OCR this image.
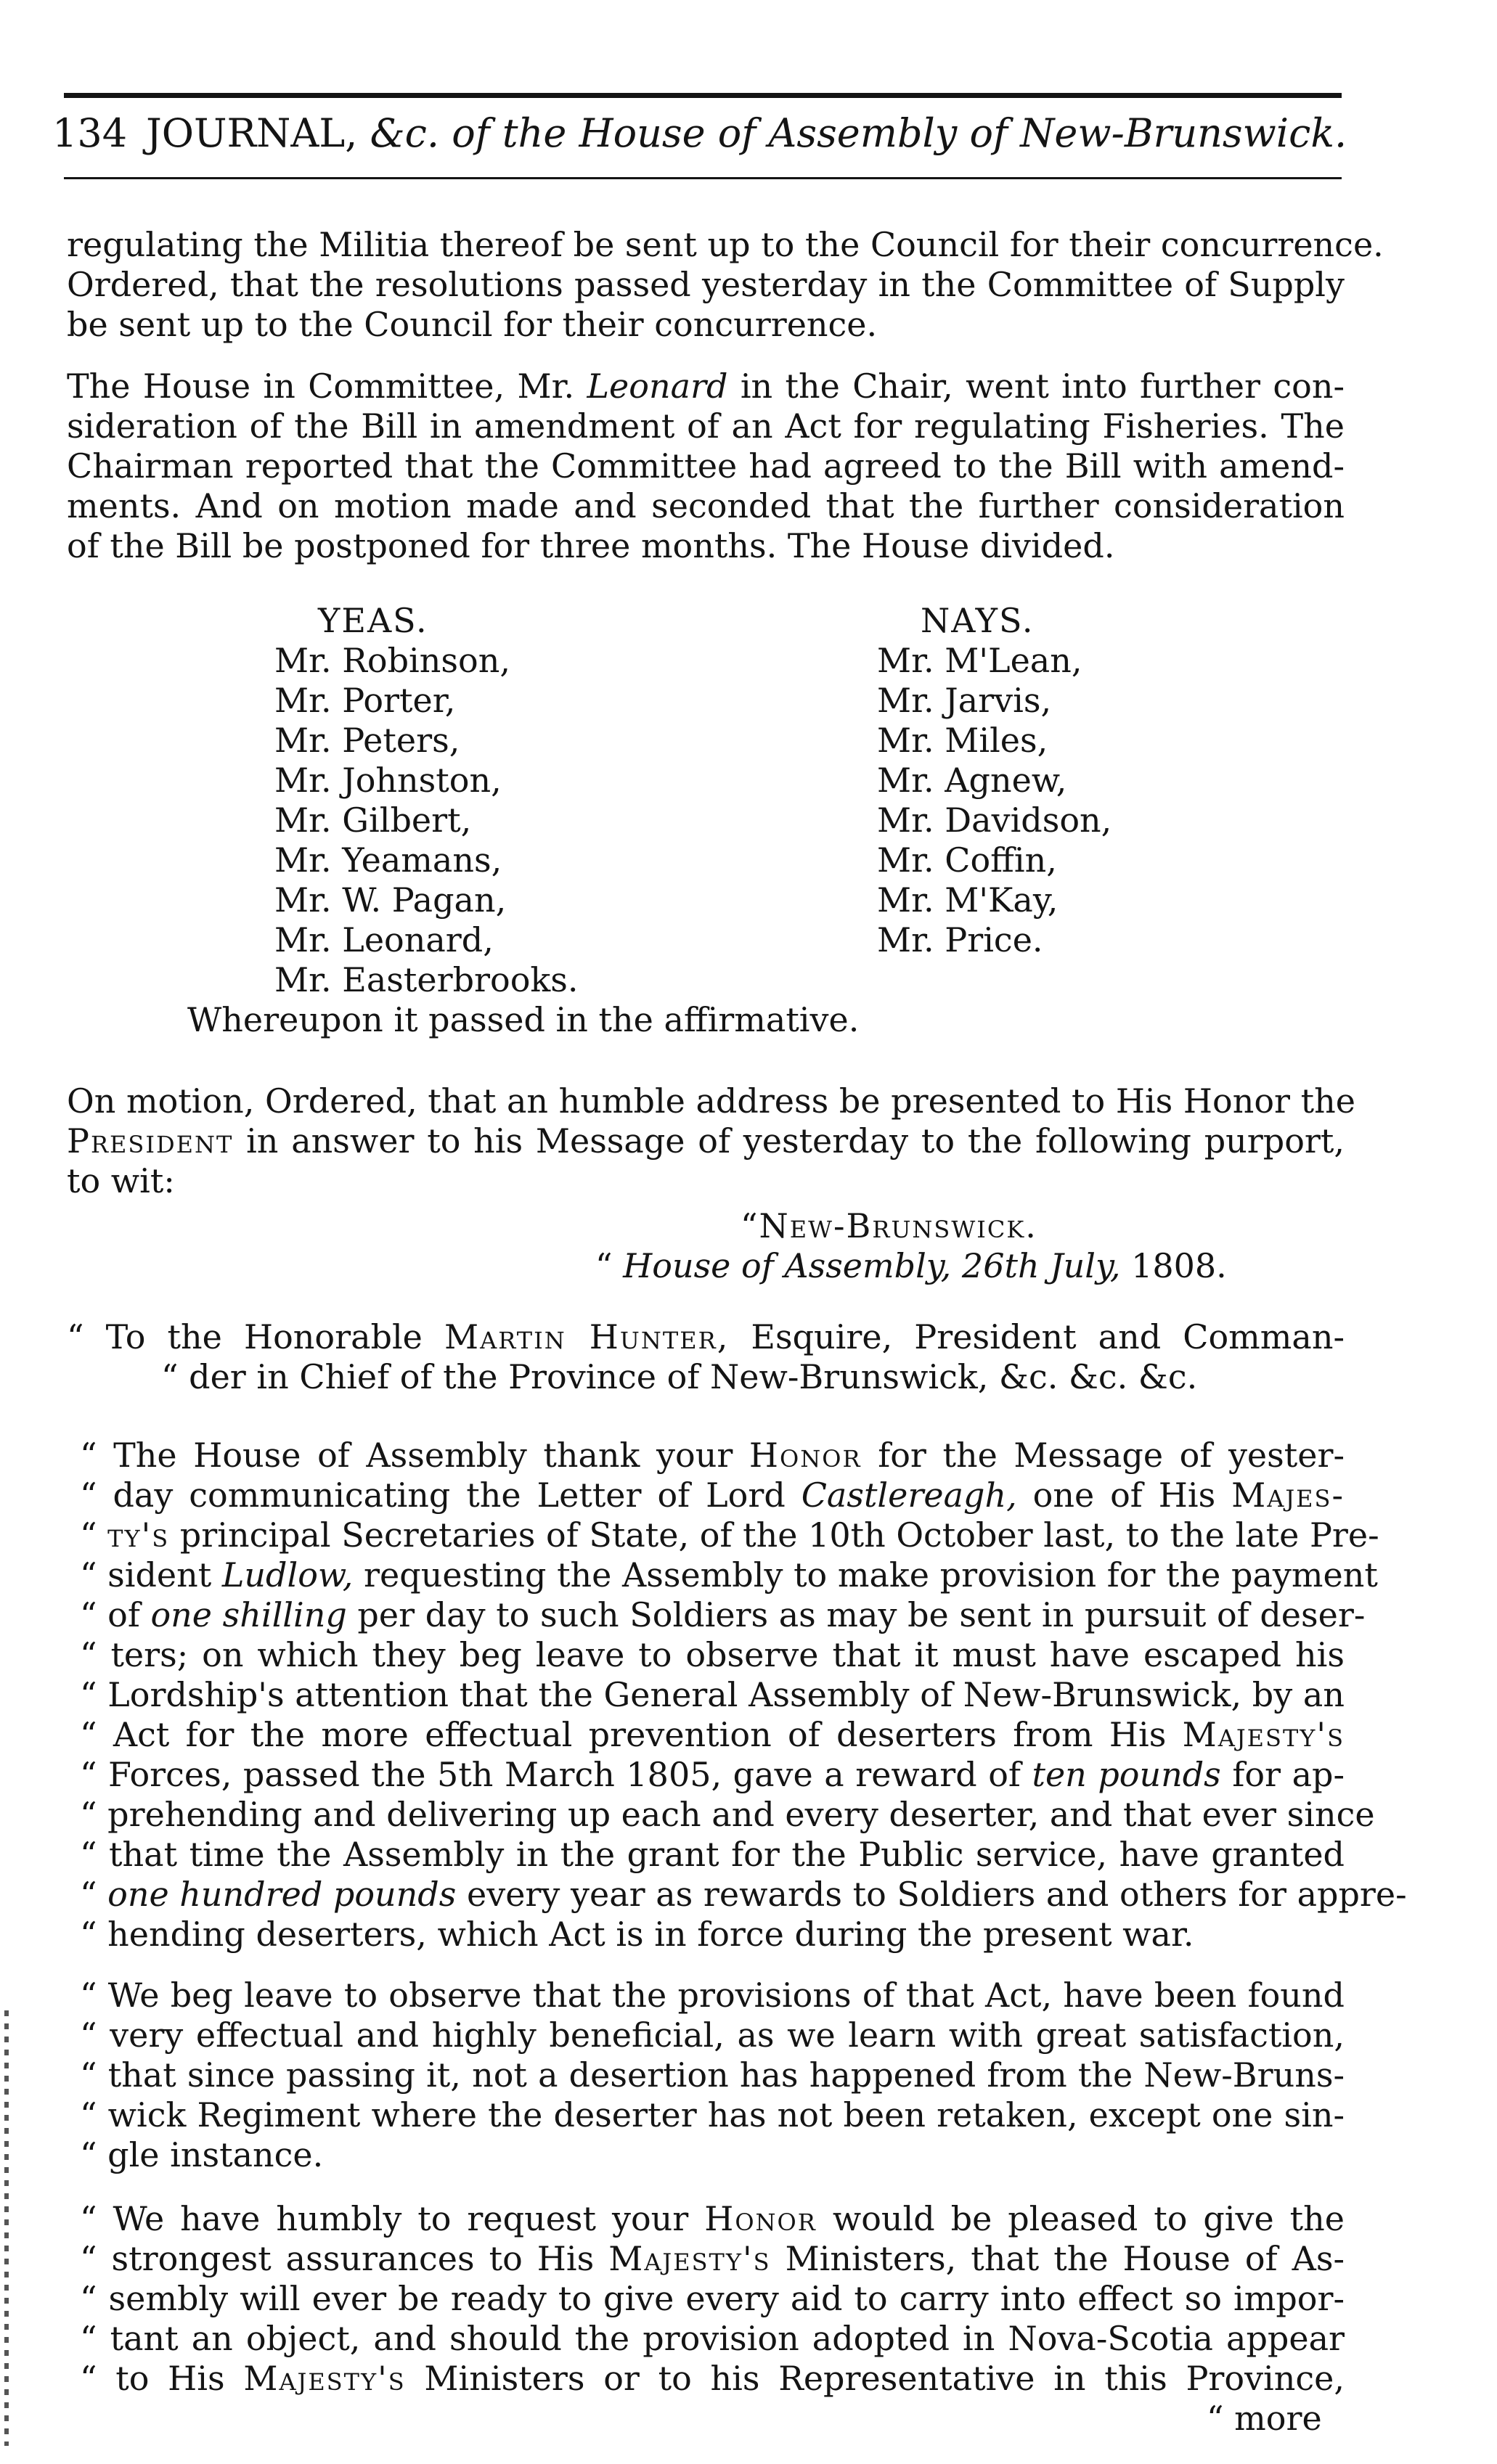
134 JOURNAL, &c. of the House of Assembly of New-Brunswick.
regulating the Militia thereof be sent up to the Council for their concurrence.
Ordered, that the resolutions passed yesterday in the Committee of Supply
be sent up to the Council for their concurrence.
The House in Committee, Mr. Leonard in the Chair, went into further con-
sideration of the Bill in amendment of an Act for regulating Fisheries. The
Chairman reported that the Committee had agreed to the Bill with amend-
ments. And on motion made and seconded that the further consideration
of the Bill be postponed for three months. The House divided.
YEAS.
Mr. Robinson,
Mr. Porter,
Mr. Peters,
Mr. Johnston,
Mr. Gilbert,
Mr. Yeamans,
Mr. W. Pagan,
Mr. Leonard,
Mr. Easterbrooks.
NAYS.
Mr. M'Lean,
Mr. Jarvis,
Mr. Miles,
Mr. Agnew,
Mr. Davidson,
Mr. Coffin,
Mr. M'Kay,
Mr. Price.
Whereupon it passed in the affirmative.
On motion, Ordered, that an humble address be presented to His Honor the
President in answer to his Message of yesterday to the following purport,
to wit:
“New-Brunswick.
“ House of Assembly, 26th July, 1808.
“ To the Honorable Martin Hunter, Esquire, President and Comman-
“ der in Chief of the Province of New-Brunswick, &c. &c. &c.
“ The House of Assembly thank your Honor for the Message of yester-
“ day communicating the Letter of Lord Castlereagh, one of His Majes-
“ ty's principal Secretaries of State, of the 10th October last, to the late Pre-
“ sident Ludlow, requesting the Assembly to make provision for the payment
“ of one shilling per day to such Soldiers as may be sent in pursuit of deser-
“ ters; on which they beg leave to observe that it must have escaped his
“ Lordship's attention that the General Assembly of New-Brunswick, by an
“ Act for the more effectual prevention of deserters from His Majesty's
“ Forces, passed the 5th March 1805, gave a reward of ten pounds for ap-
“ prehending and delivering up each and every deserter, and that ever since
“ that time the Assembly in the grant for the Public service, have granted
“ one hundred pounds every year as rewards to Soldiers and others for appre-
“ hending deserters, which Act is in force during the present war.
“ We beg leave to observe that the provisions of that Act, have been found
“ very effectual and highly beneficial, as we learn with great satisfaction,
“ that since passing it, not a desertion has happened from the New-Bruns-
“ wick Regiment where the deserter has not been retaken, except one sin-
“ gle instance.
“ We have humbly to request your Honor would be pleased to give the
“ strongest assurances to His Majesty's Ministers, that the House of As-
“ sembly will ever be ready to give every aid to carry into effect so impor-
“ tant an object, and should the provision adopted in Nova-Scotia appear
“ to His Majesty's Ministers or to his Representative in this Province,
“ more
